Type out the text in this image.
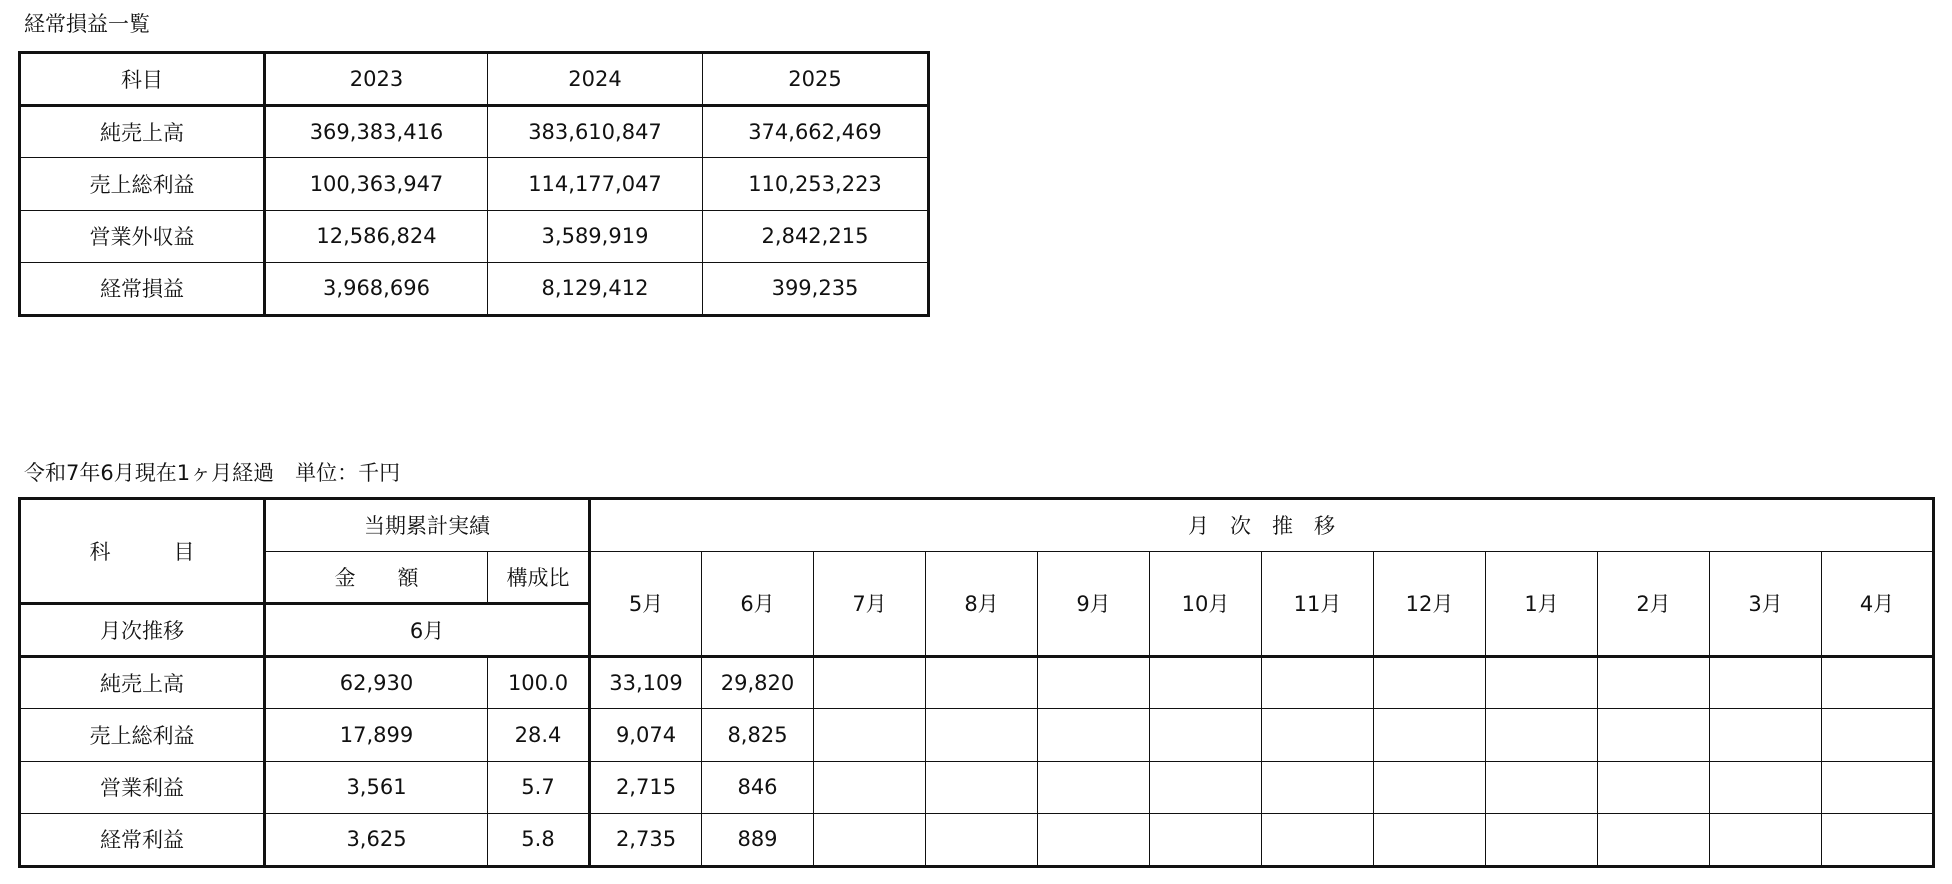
経常損益一覧
科目	2023	2024	2025
純売上高	369,383,416	383,610,847	374,662,469
売上総利益	100,363,947	114,177,047	110,253,223
営業外収益	12,586,824	3,589,919	2,842,215
経常損益	3,968,696	8,129,412	399,235
令和7年6月現在1ヶ月経過　単位：千円
科　　　目	当期累計実績		月　次　推　移											
	金　　額	構成比	5月	6月	7月	8月	9月	10月	11月	12月	1月	2月	3月	4月
月次推移	6月													
純売上高	62,930	100.0	33,109	29,820										
売上総利益	17,899	28.4	9,074	8,825										
営業利益	3,561	5.7	2,715	846										
経常利益	3,625	5.8	2,735	889										
